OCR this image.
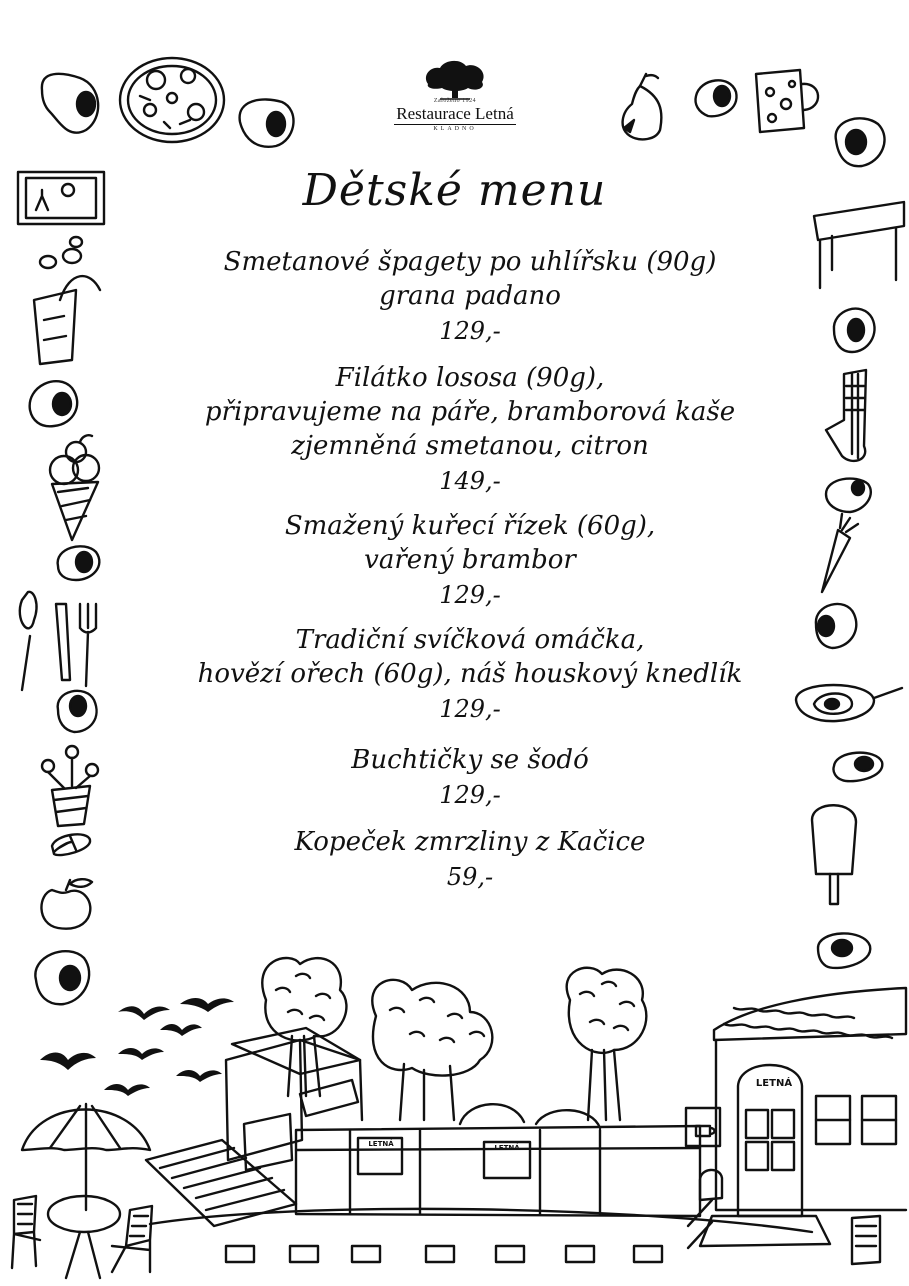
LETNÁ
LETNÁ	LETNÁ
Založeno 1924
Restaurace Letná
KLADNO
Dětské menu
Smetanové špagety po uhlířsku (90g)
grana padano
129,-
Filátko lososa (90g),
připravujeme na páře, bramborová kaše
zjemněná smetanou, citron
149,-
Smažený kuřecí řízek (60g),
vařený brambor
129,-
Tradiční svíčková omáčka,
hovězí ořech (60g), náš houskový knedlík
129,-
Buchtičky se šodó
129,-
Kopeček zmrzliny z Kačice
59,-
